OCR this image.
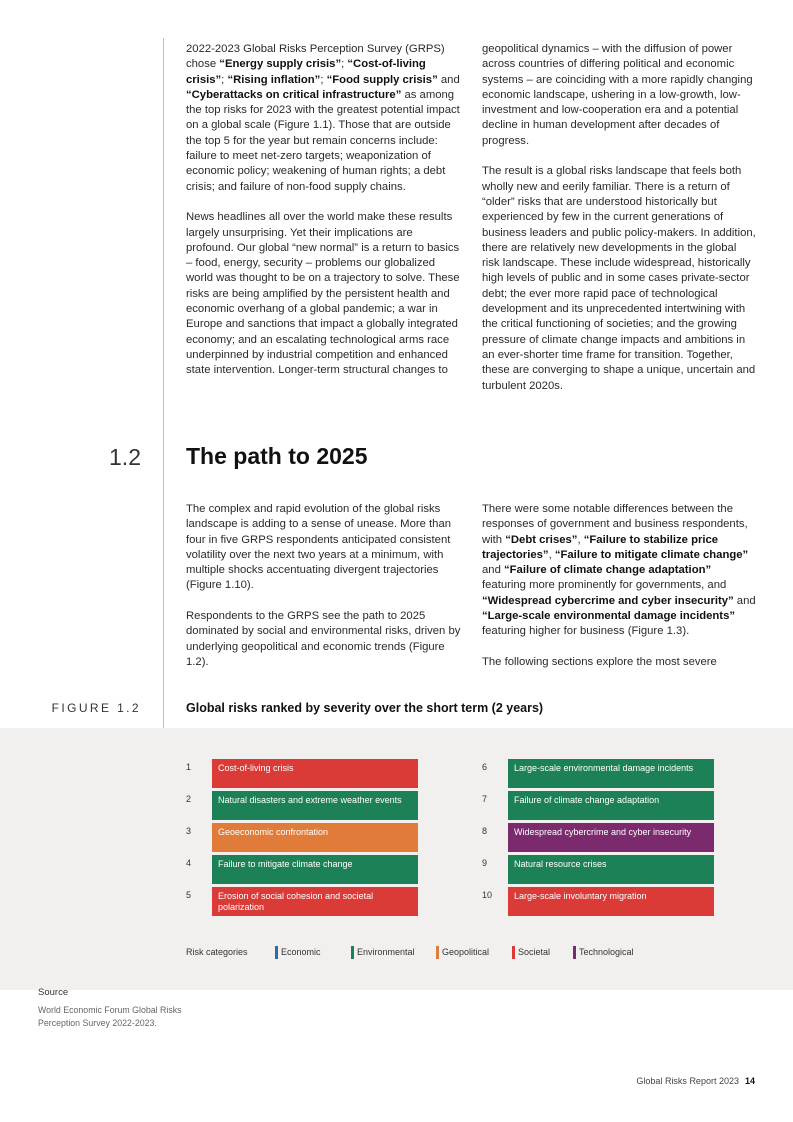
2022-2023 Global Risks Perception Survey (GRPS) chose “Energy supply crisis”; “Cost-of-living crisis”; “Rising inflation”; “Food supply crisis” and “Cyberattacks on critical infrastructure” as among the top risks for 2023 with the greatest potential impact on a global scale (Figure 1.1). Those that are outside the top 5 for the year but remain concerns include: failure to meet net-zero targets; weaponization of economic policy; weakening of human rights; a debt crisis; and failure of non-food supply chains.

News headlines all over the world make these results largely unsurprising. Yet their implications are profound. Our global “new normal” is a return to basics – food, energy, security – problems our globalized world was thought to be on a trajectory to solve. These risks are being amplified by the persistent health and economic overhang of a global pandemic; a war in Europe and sanctions that impact a globally integrated economy; and an escalating technological arms race underpinned by industrial competition and enhanced state intervention. Longer-term structural changes to

geopolitical dynamics – with the diffusion of power across countries of differing political and economic systems – are coinciding with a more rapidly changing economic landscape, ushering in a low-growth, low-investment and low-cooperation era and a potential decline in human development after decades of progress.

The result is a global risks landscape that feels both wholly new and eerily familiar. There is a return of “older” risks that are understood historically but experienced by few in the current generations of business leaders and public policy-makers. In addition, there are relatively new developments in the global risk landscape. These include widespread, historically high levels of public and in some cases private-sector debt; the ever more rapid pace of technological development and its unprecedented intertwining with the critical functioning of societies; and the growing pressure of climate change impacts and ambitions in an ever-shorter time frame for transition. Together, these are converging to shape a unique, uncertain and turbulent 2020s.

1.2 The path to 2025

The complex and rapid evolution of the global risks landscape is adding to a sense of unease. More than four in five GRPS respondents anticipated consistent volatility over the next two years at a minimum, with multiple shocks accentuating divergent trajectories (Figure 1.10).

Respondents to the GRPS see the path to 2025 dominated by social and environmental risks, driven by underlying geopolitical and economic trends (Figure 1.2).

There were some notable differences between the responses of government and business respondents, with “Debt crises”, “Failure to stabilize price trajectories”, “Failure to mitigate climate change” and “Failure of climate change adaptation” featuring more prominently for governments, and “Widespread cybercrime and cyber insecurity” and “Large-scale environmental damage incidents” featuring higher for business (Figure 1.3).

The following sections explore the most severe

FIGURE 1.2	Global risks ranked by severity over the short term (2 years)
1	Cost-of-living crisis
2	Natural disasters and extreme weather events
3	Geoeconomic confrontation
4	Failure to mitigate climate change
5	Erosion of social cohesion and societal polarization
6	Large-scale environmental damage incidents
7	Failure of climate change adaptation
8	Widespread cybercrime and cyber insecurity
9	Natural resource crises
10	Large-scale involuntary migration
Risk categories	Economic	Environmental	Geopolitical	Societal	Technological
Source
World Economic Forum Global Risks Perception Survey 2022-2023.
Global Risks Report 2023 14
